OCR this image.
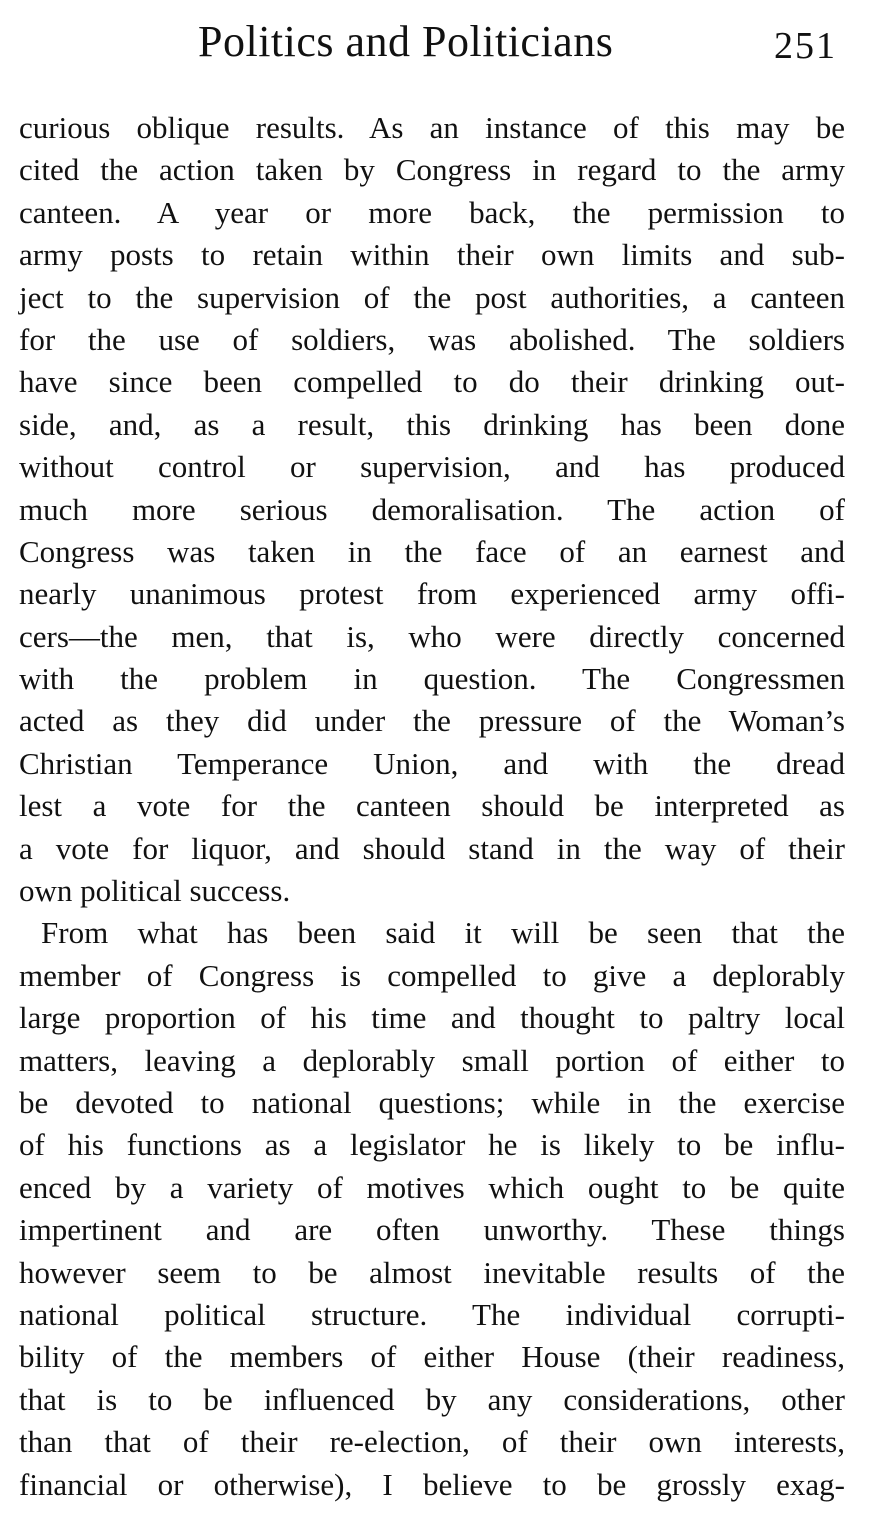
Politics and Politicians	251
curious oblique results. As an instance of this may be
cited the action taken by Congress in regard to the army
canteen. A year or more back, the permission to
army posts to retain within their own limits and sub-
ject to the supervision of the post authorities, a canteen
for the use of soldiers, was abolished. The soldiers
have since been compelled to do their drinking out-
side, and, as a result, this drinking has been done
without control or supervision, and has produced
much more serious demoralisation. The action of
Congress was taken in the face of an earnest and
nearly unanimous protest from experienced army offi-
cers—the men, that is, who were directly concerned
with the problem in question. The Congressmen
acted as they did under the pressure of the Woman’s
Christian Temperance Union, and with the dread
lest a vote for the canteen should be interpreted as
a vote for liquor, and should stand in the way of their
own political success.
From what has been said it will be seen that the
member of Congress is compelled to give a deplorably
large proportion of his time and thought to paltry local
matters, leaving a deplorably small portion of either to
be devoted to national questions; while in the exercise
of his functions as a legislator he is likely to be influ-
enced by a variety of motives which ought to be quite
impertinent and are often unworthy. These things
however seem to be almost inevitable results of the
national political structure. The individual corrupti-
bility of the members of either House (their readiness,
that is to be influenced by any considerations, other
than that of their re-election, of their own interests,
financial or otherwise), I believe to be grossly exag-
